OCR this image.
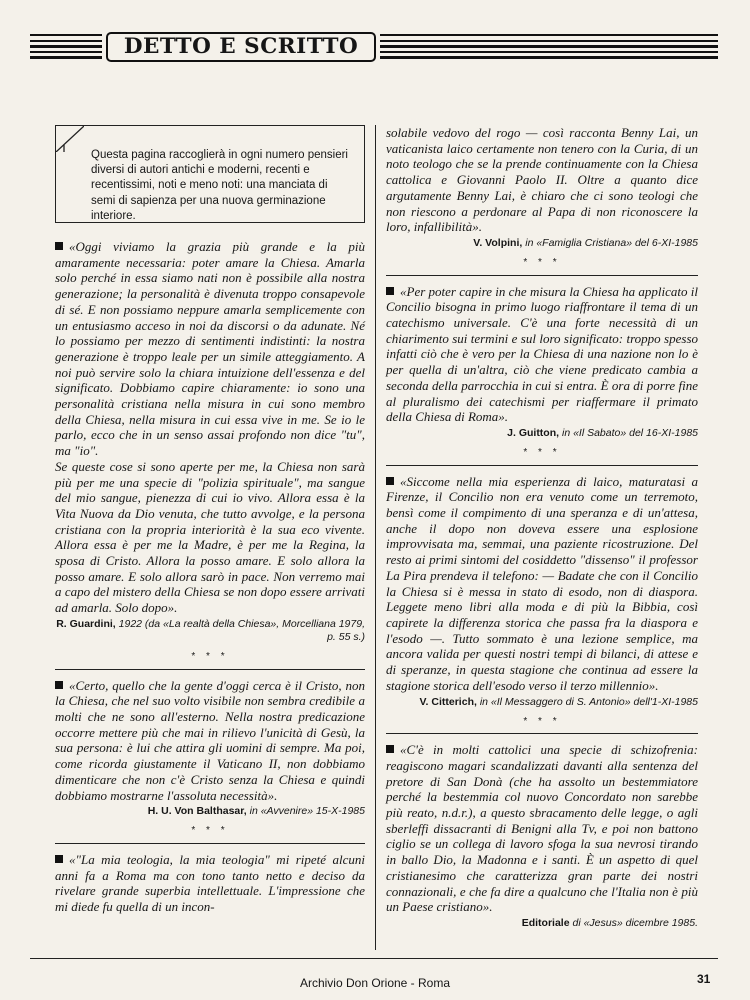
DETTO E SCRITTO

Questa pagina raccoglierà in ogni numero pensieri diversi di autori antichi e moderni, recenti e recentissimi, noti e meno noti: una manciata di semi di sapienza per una nuova germinazione interiore.

«Oggi viviamo la grazia più grande e la più amaramente necessaria: poter amare la Chiesa. Amarla solo perché in essa siamo nati non è possibile alla nostra generazione; la personalità è divenuta troppo consapevole di sé. E non possiamo neppure amarla semplicemente con un entusiasmo acceso in noi da discorsi o da adunate. Né lo possiamo per mezzo di sentimenti indistinti: la nostra generazione è troppo leale per un simile atteggiamento. A noi può servire solo la chiara intuizione dell'essenza e del significato. Dobbiamo capire chiaramente: io sono una personalità cristiana nella misura in cui sono membro della Chiesa, nella misura in cui essa vive in me. Se io le parlo, ecco che in un senso assai profondo non dice "tu", ma "io".

Se queste cose si sono aperte per me, la Chiesa non sarà più per me una specie di "polizia spirituale", ma sangue del mio sangue, pienezza di cui io vivo. Allora essa è la Vita Nuova da Dio venuta, che tutto avvolge, e la persona cristiana con la propria interiorità è la sua eco vivente. Allora essa è per me la Madre, è per me la Regina, la sposa di Cristo. Allora la posso amare. E solo allora la posso amare. E solo allora sarò in pace. Non verremo mai a capo del mistero della Chiesa se non dopo essere arrivati ad amarla. Solo dopo».

R. Guardini, 1922 (da «La realtà della Chiesa», Morcelliana 1979, p. 55 s.)
* * *

«Certo, quello che la gente d'oggi cerca è il Cristo, non la Chiesa, che nel suo volto visibile non sembra credibile a molti che ne sono all'esterno. Nella nostra predicazione occorre mettere più che mai in rilievo l'unicità di Gesù, la sua persona: è lui che attira gli uomini di sempre. Ma poi, come ricorda giustamente il Vaticano II, non dobbiamo dimenticare che non c'è Cristo senza la Chiesa e quindi dobbiamo mostrarne l'assoluta necessità».

H. U. Von Balthasar, in «Avvenire» 15-X-1985
* * *

«"La mia teologia, la mia teologia" mi ripeté alcuni anni fa a Roma ma con tono tanto netto e deciso da rivelare grande superbia intellettuale. L'impressione che mi diede fu quella di un incon-

solabile vedovo del rogo — così racconta Benny Lai, un vaticanista laico certamente non tenero con la Curia, di un noto teologo che se la prende continuamente con la Chiesa cattolica e Giovanni Paolo II. Oltre a quanto dice argutamente Benny Lai, è chiaro che ci sono teologi che non riescono a perdonare al Papa di non riconoscere la loro, infallibilità».

V. Volpini, in «Famiglia Cristiana» del 6-XI-1985
* * *

«Per poter capire in che misura la Chiesa ha applicato il Concilio bisogna in primo luogo riaffrontare il tema di un catechismo universale. C'è una forte necessità di un chiarimento sui termini e sul loro significato: troppo spesso infatti ciò che è vero per la Chiesa di una nazione non lo è per quella di un'altra, ciò che viene predicato cambia a seconda della parrocchia in cui si entra. È ora di porre fine al pluralismo dei catechismi per riaffermare il primato della Chiesa di Roma».

J. Guitton, in «Il Sabato» del 16-XI-1985
* * *

«Siccome nella mia esperienza di laico, maturatasi a Firenze, il Concilio non era venuto come un terremoto, bensì come il compimento di una speranza e di un'attesa, anche il dopo non doveva essere una esplosione improvvisata ma, semmai, una paziente ricostruzione. Del resto ai primi sintomi del cosiddetto "dissenso" il professor La Pira prendeva il telefono: — Badate che con il Concilio la Chiesa si è messa in stato di esodo, non di diaspora. Leggete meno libri alla moda e di più la Bibbia, così capirete la differenza storica che passa fra la diaspora e l'esodo —. Tutto sommato è una lezione semplice, ma ancora valida per questi nostri tempi di bilanci, di attese e di speranze, in questa stagione che continua ad essere la stagione storica dell'esodo verso il terzo millennio».

V. Citterich, in «Il Messaggero di S. Antonio» dell'1-XI-1985
* * *

«C'è in molti cattolici una specie di schizofrenia: reagiscono magari scandalizzati davanti alla sentenza del pretore di San Donà (che ha assolto un bestemmiatore perché la bestemmia col nuovo Concordato non sarebbe più reato, n.d.r.), a questo sbracamento delle legge, o agli sberleffi dissacranti di Benigni alla Tv, e poi non battono ciglio se un collega di lavoro sfoga la sua nevrosi tirando in ballo Dio, la Madonna e i santi. È un aspetto di quel cristianesimo che caratterizza gran parte dei nostri connazionali, e che fa dire a qualcuno che l'Italia non è più un Paese cristiano».

Editoriale di «Jesus» dicembre 1985.
Archivio Don Orione - Roma	31
